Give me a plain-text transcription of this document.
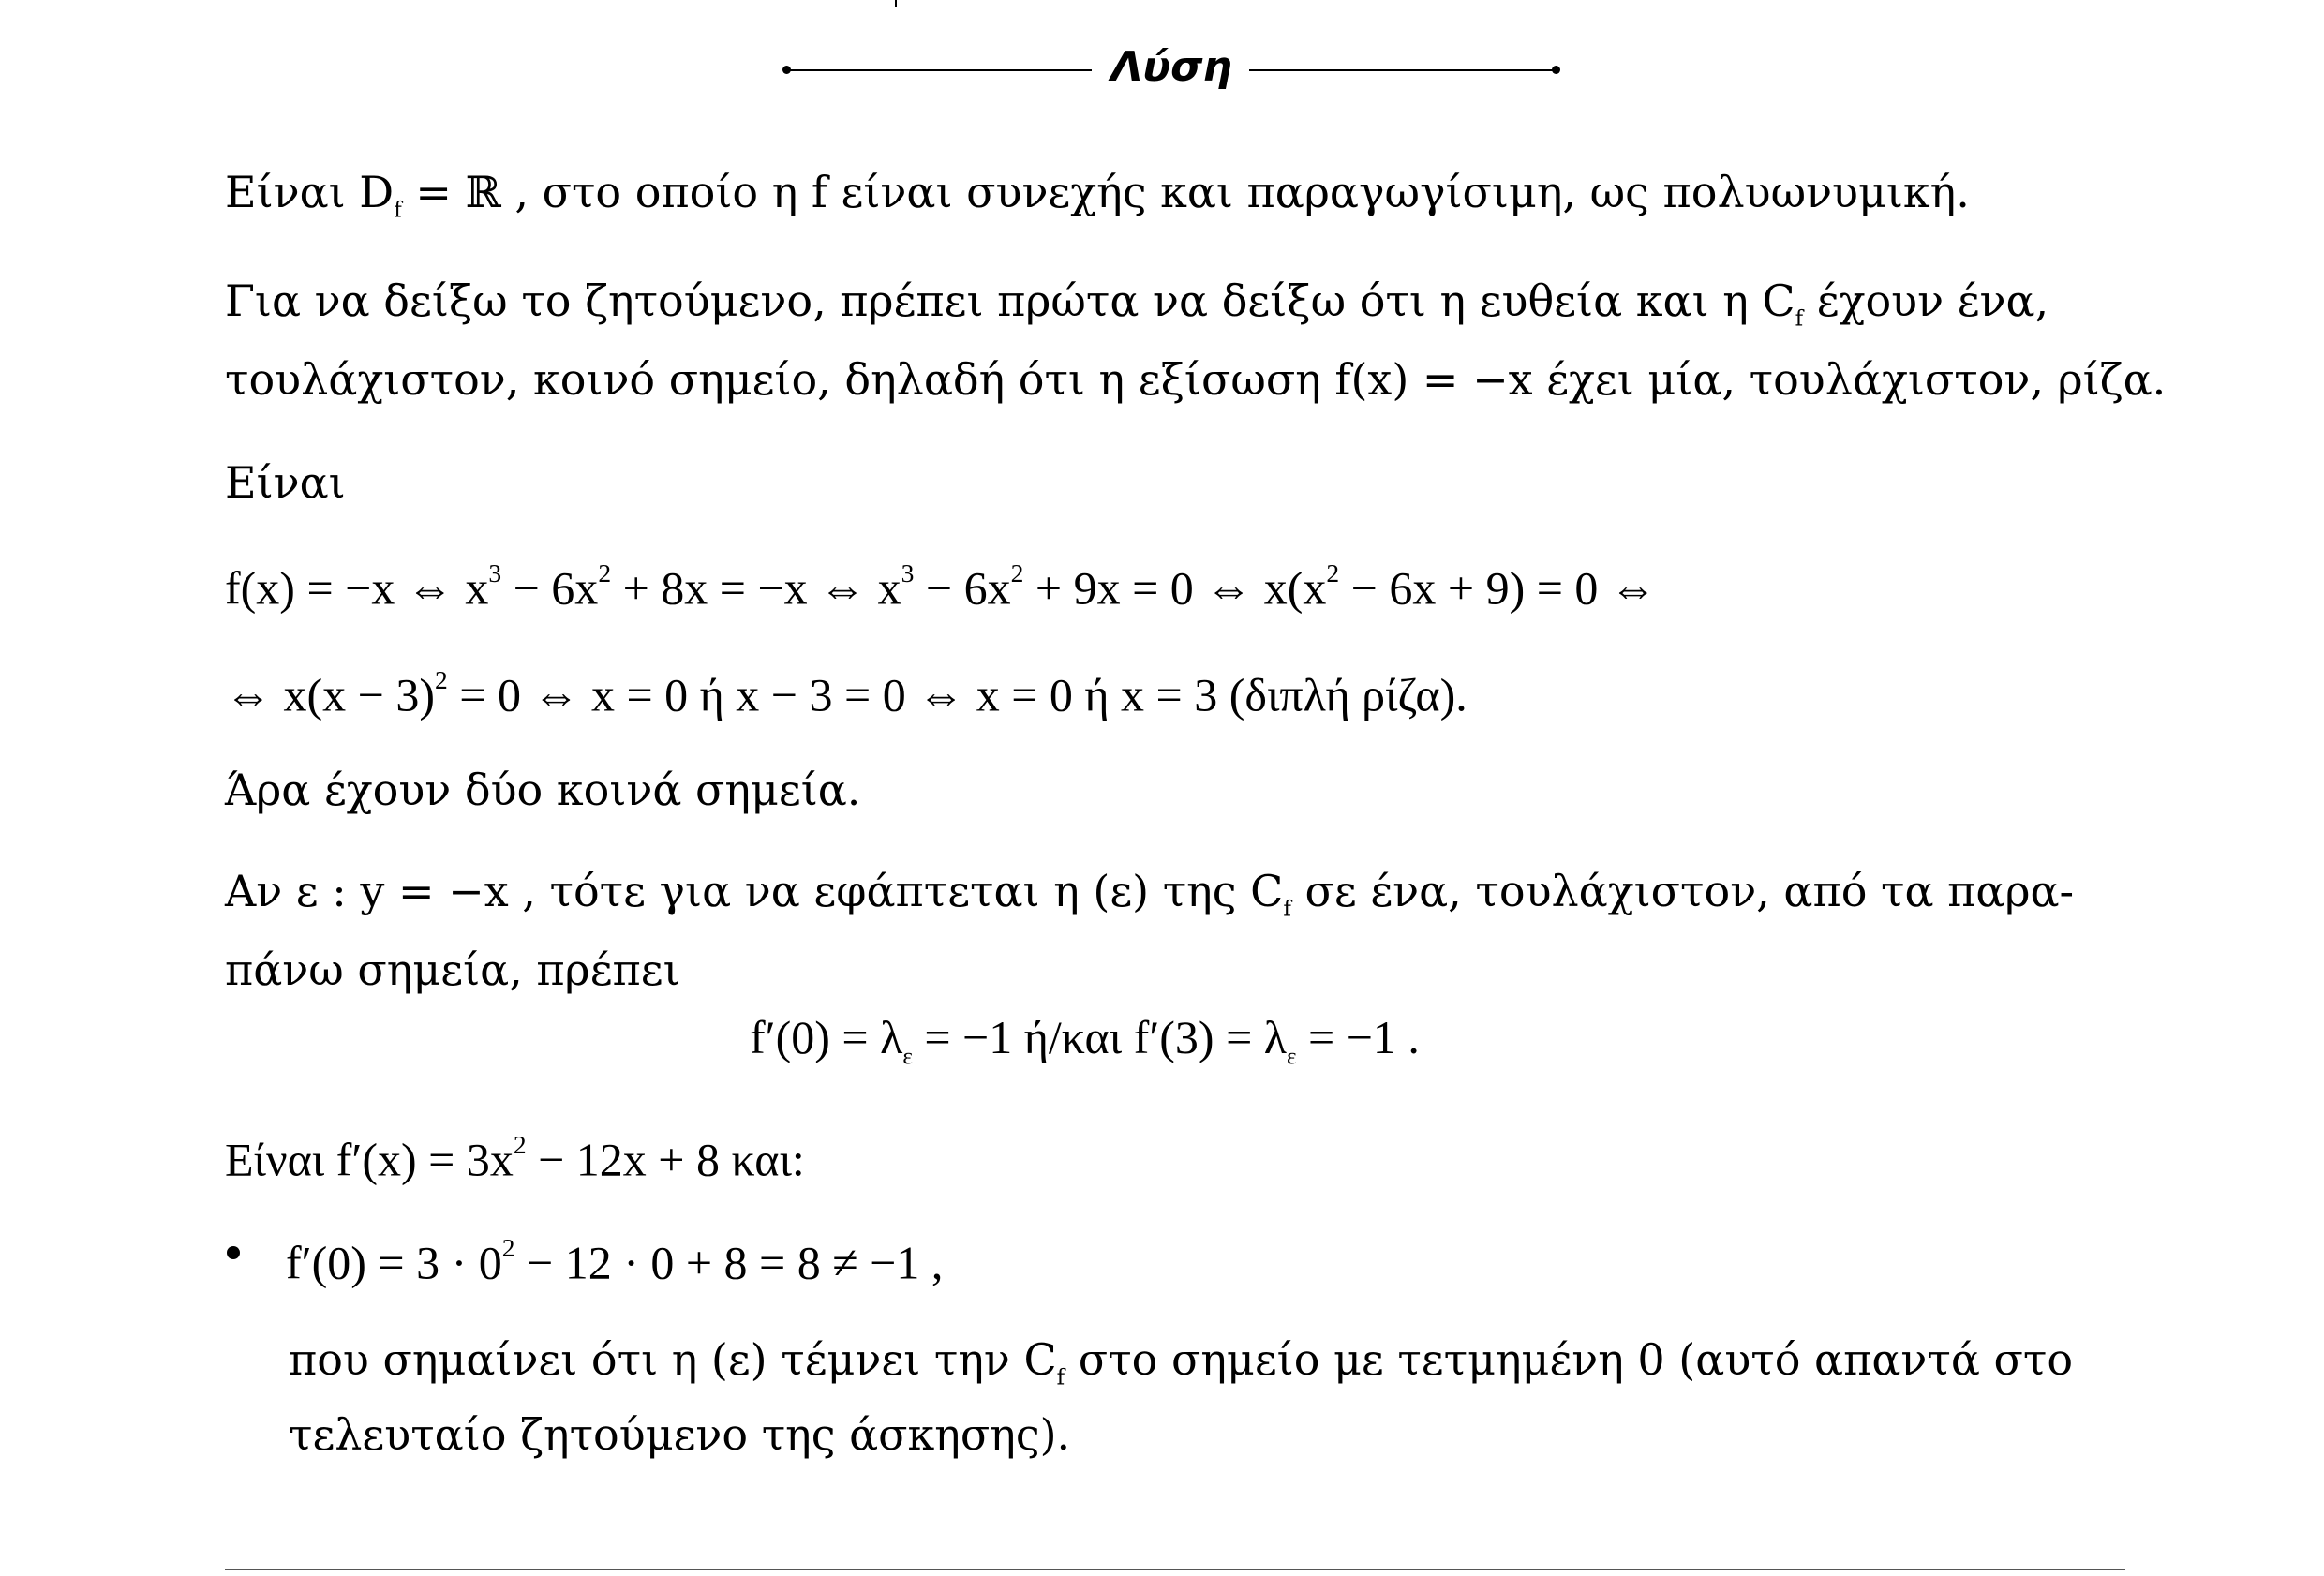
Λύση
Είναι $D_f$ = ℝ , στο οποίο η f είναι συνεχής και παραγωγίσιμη, ως πολυωνυμική.
Για να δείξω το ζητούμενο, πρέπει πρώτα να δείξω ότι η ευθεία και η $C_f$ έχουν ένα,
τουλάχιστον, κοινό σημείο, δηλαδή ότι η εξίσωση f(x) = −x έχει μία, τουλάχιστον, ρίζα.
Είναι
f(x) = −x ⇔ $x^3 - 6x^2 + 8x = -x$ ⇔ $x^3 - 6x^2 + 9x = 0$ ⇔ $x(x^2 - 6x + 9) = 0$ ⇔
⇔ $x(x - 3)^2 = 0$ ⇔ x = 0 ή x − 3 = 0 ⇔ x = 0 ή x = 3 (διπλή ρίζα).
Άρα έχουν δύο κοινά σημεία.
Αν ε : y = −x , τότε για να εφάπτεται η (ε) της $C_f$ σε ένα, τουλάχιστον, από τα παρα-
πάνω σημεία, πρέπει
$f'(0) = \lambda_\varepsilon = -1$ ή/και $f'(3) = \lambda_\varepsilon = -1$ .
Είναι $f'(x) = 3x^2 - 12x + 8$ και:
$f'(0) = 3 \cdot 0^2 - 12 \cdot 0 + 8 = 8 \ne -1$ ,
που σημαίνει ότι η (ε) τέμνει την $C_f$ στο σημείο με τετμημένη 0 (αυτό απαντά στο
τελευταίο ζητούμενο της άσκησης).
